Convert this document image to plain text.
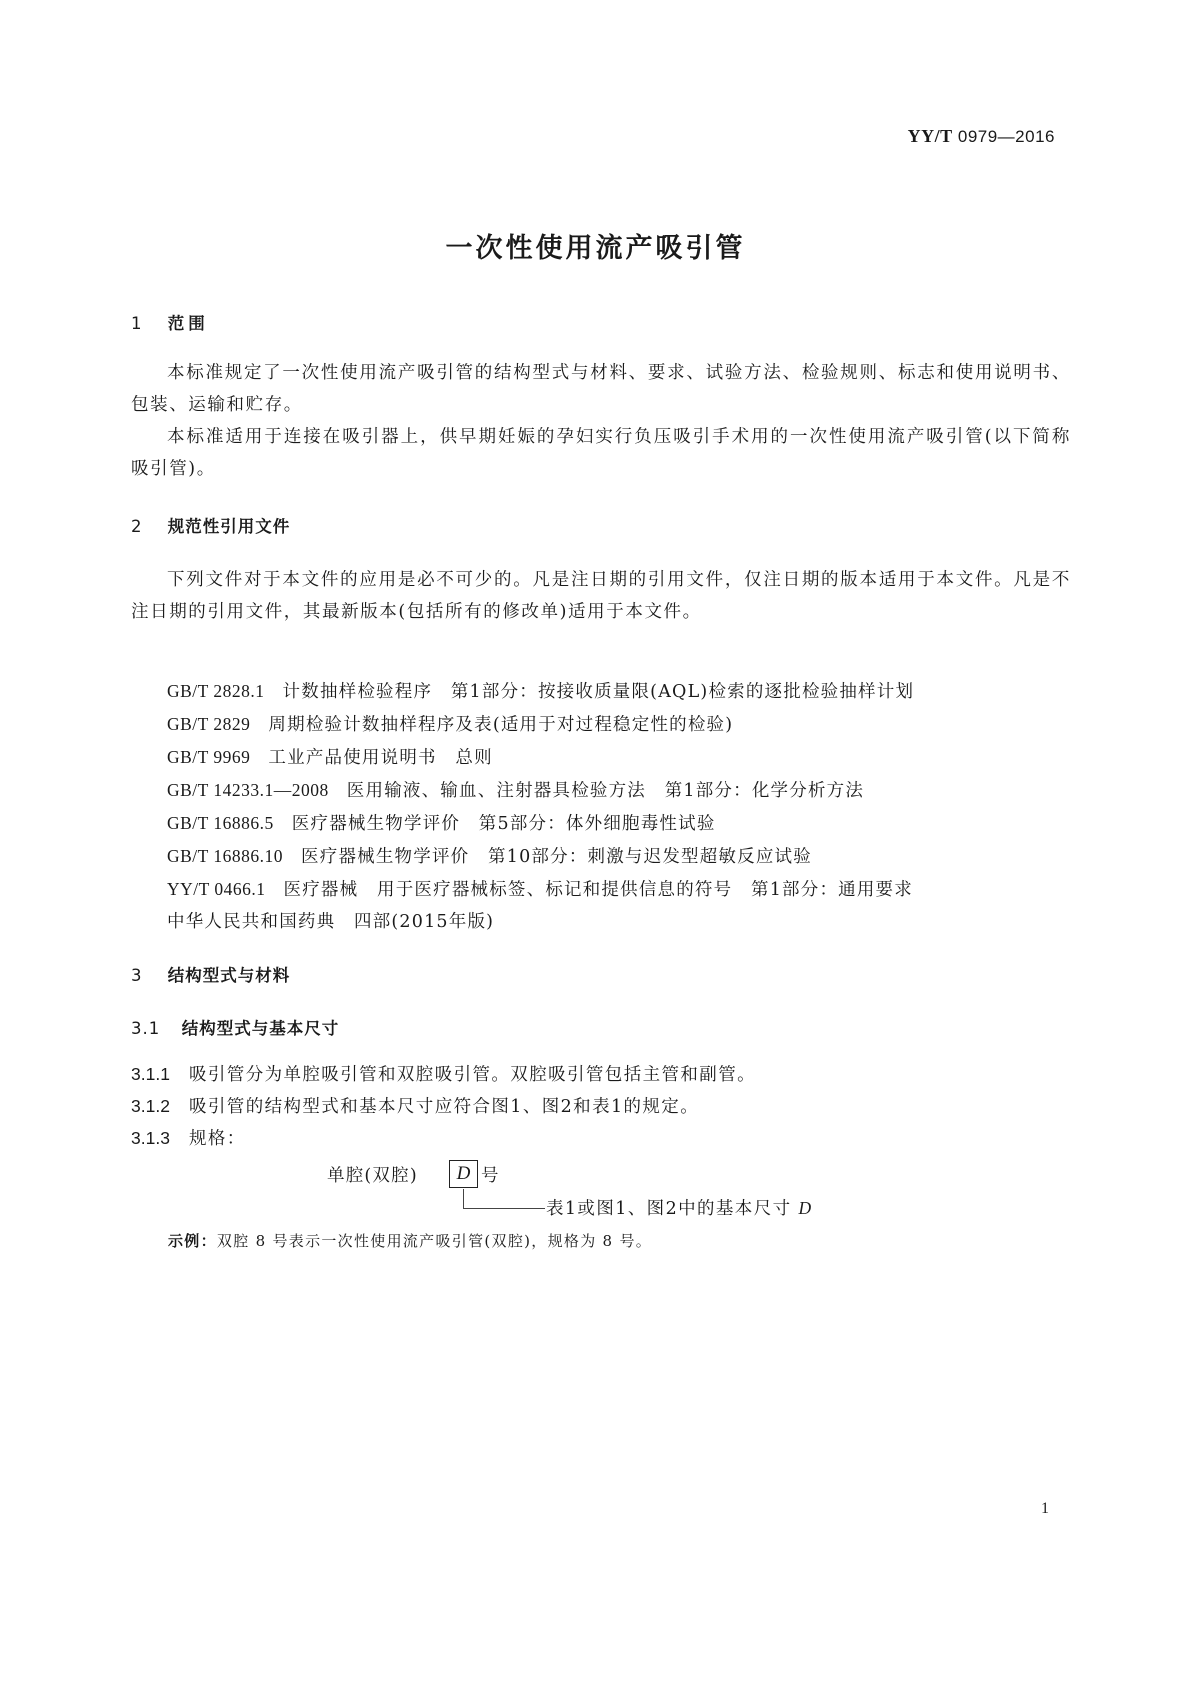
YY/T 0979—2016
一次性使用流产吸引管
1 范围

本标准规定了一次性使用流产吸引管的结构型式与材料、要求、试验方法、检验规则、标志和使用说明书、包装、运输和贮存。

本标准适用于连接在吸引器上，供早期妊娠的孕妇实行负压吸引手术用的一次性使用流产吸引管(以下简称吸引管)。

2 规范性引用文件

下列文件对于本文件的应用是必不可少的。凡是注日期的引用文件，仅注日期的版本适用于本文件。凡是不注日期的引用文件，其最新版本(包括所有的修改单)适用于本文件。

GB/T 2828.1 计数抽样检验程序　第1部分：按接收质量限(AQL)检索的逐批检验抽样计划
GB/T 2829 周期检验计数抽样程序及表(适用于对过程稳定性的检验)
GB/T 9969 工业产品使用说明书　总则
GB/T 14233.1—2008 医用输液、输血、注射器具检验方法　第1部分：化学分析方法
GB/T 16886.5 医疗器械生物学评价　第5部分：体外细胞毒性试验
GB/T 16886.10 医疗器械生物学评价　第10部分：刺激与迟发型超敏反应试验
YY/T 0466.1 医疗器械　用于医疗器械标签、标记和提供信息的符号　第1部分：通用要求
中华人民共和国药典　四部(2015年版)
3 结构型式与材料
3.1 结构型式与基本尺寸
3.1.1 吸引管分为单腔吸引管和双腔吸引管。双腔吸引管包括主管和副管。
3.1.2 吸引管的结构型式和基本尺寸应符合图1、图2和表1的规定。
3.1.3 规格：
单腔(双腔)	D 号
表1或图1、图2中的基本尺寸 D
示例：双腔 8 号表示一次性使用流产吸引管(双腔)，规格为 8 号。
1
